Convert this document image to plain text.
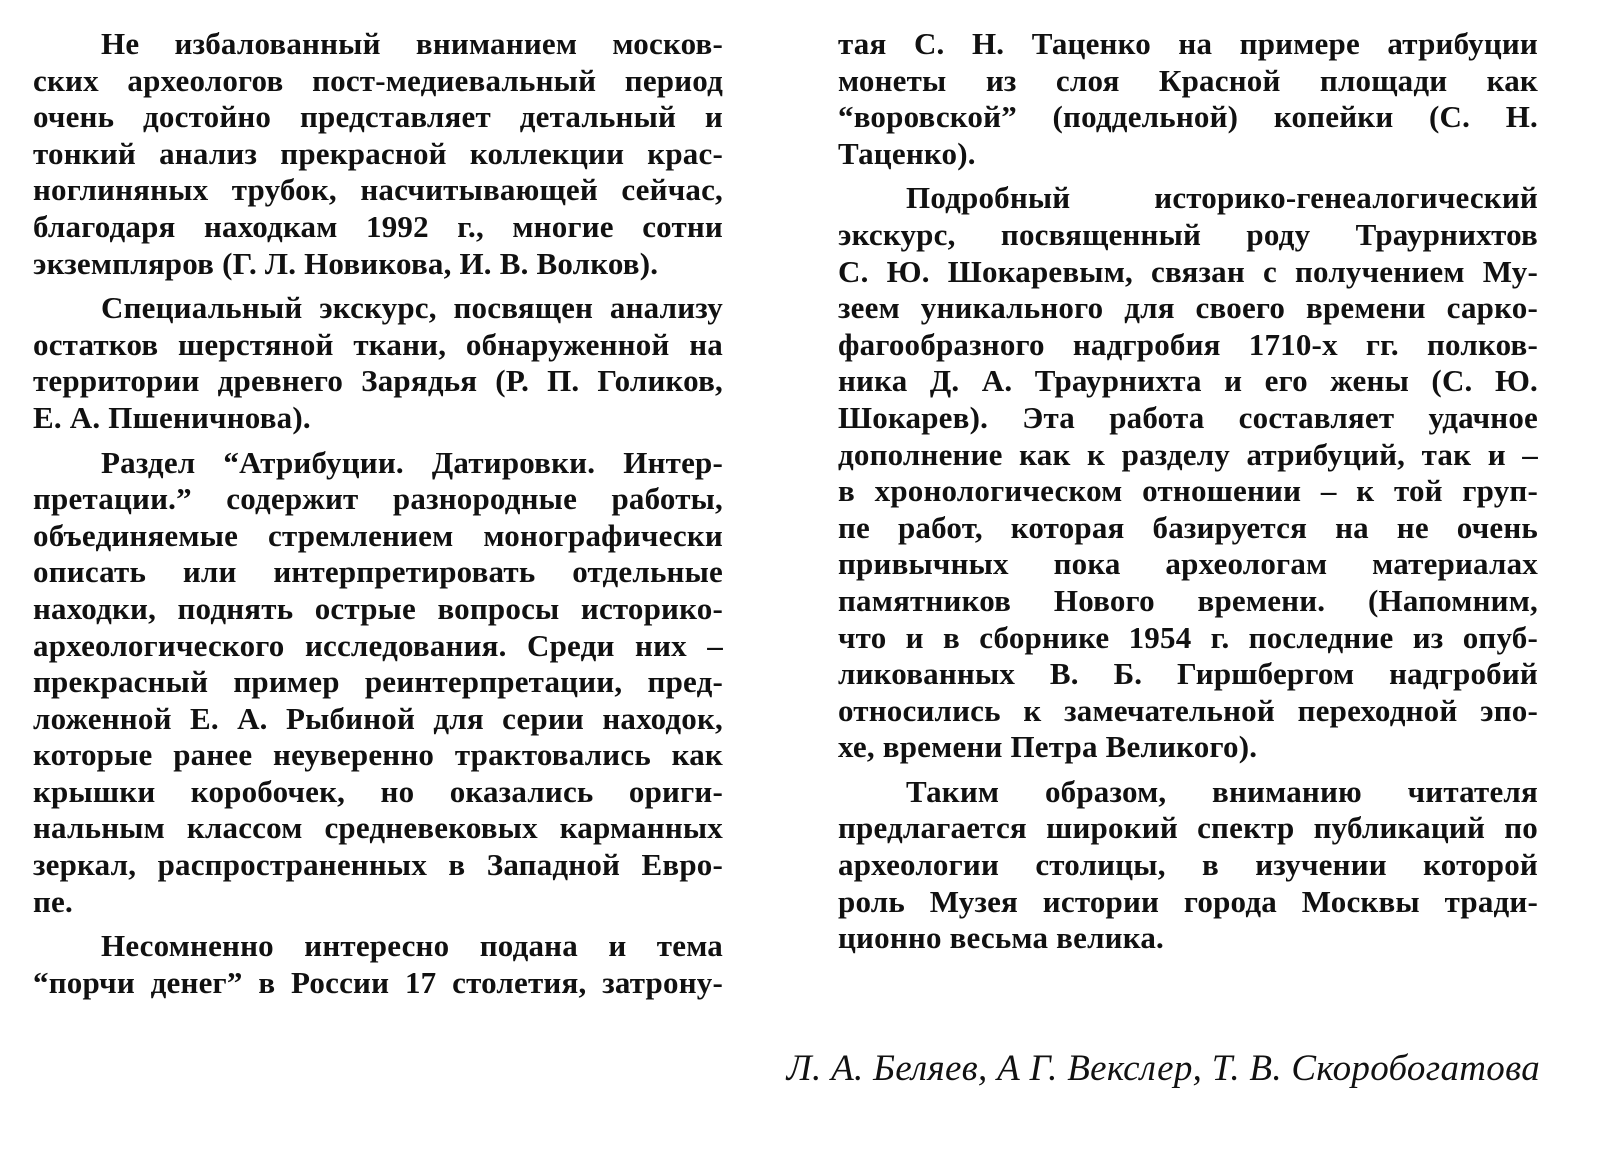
Не избалованный вниманием москов-
ских археологов пост-медиевальный период
очень достойно представляет детальный и
тонкий анализ прекрасной коллекции крас-
ноглиняных трубок, насчитывающей сейчас,
благодаря находкам 1992 г., многие сотни
экземпляров (Г. Л. Новикова, И. В. Волков).
Специальный экскурс, посвящен анализу
остатков шерстяной ткани, обнаруженной на
территории древнего Зарядья (Р. П. Голиков,
Е. А. Пшеничнова).
Раздел “Атрибуции. Датировки. Интер-
претации.” содержит разнородные работы,
объединяемые стремлением монографически
описать или интерпретировать отдельные
находки, поднять острые вопросы историко-
археологического исследования. Среди них –
прекрасный пример реинтерпретации, пред-
ложенной Е. А. Рыбиной для серии находок,
которые ранее неуверенно трактовались как
крышки коробочек, но оказались ориги-
нальным классом средневековых карманных
зеркал, распространенных в Западной Евро-
пе.
Несомненно интересно подана и тема
“порчи денег” в России 17 столетия, затрону-
тая С. Н. Таценко на примере атрибуции
монеты из слоя Красной площади как
“воровской” (поддельной) копейки (С. Н.
Таценко).
Подробный историко-генеалогический
экскурс, посвященный роду Траурнихтов
С. Ю. Шокаревым, связан с получением Му-
зеем уникального для своего времени сарко-
фагообразного надгробия 1710-х гг. полков-
ника Д. А. Траурнихта и его жены (С. Ю.
Шокарев). Эта работа составляет удачное
дополнение как к разделу атрибуций, так и –
в хронологическом отношении – к той груп-
пе работ, которая базируется на не очень
привычных пока археологам материалах
памятников Нового времени. (Напомним,
что и в сборнике 1954 г. последние из опуб-
ликованных В. Б. Гиршбергом надгробий
относились к замечательной переходной эпо-
хе, времени Петра Великого).
Таким образом, вниманию читателя
предлагается широкий спектр публикаций по
археологии столицы, в изучении которой
роль Музея истории города Москвы тради-
ционно весьма велика.
Л. А. Беляев, А Г. Векслер, Т. В. Скоробогатова
